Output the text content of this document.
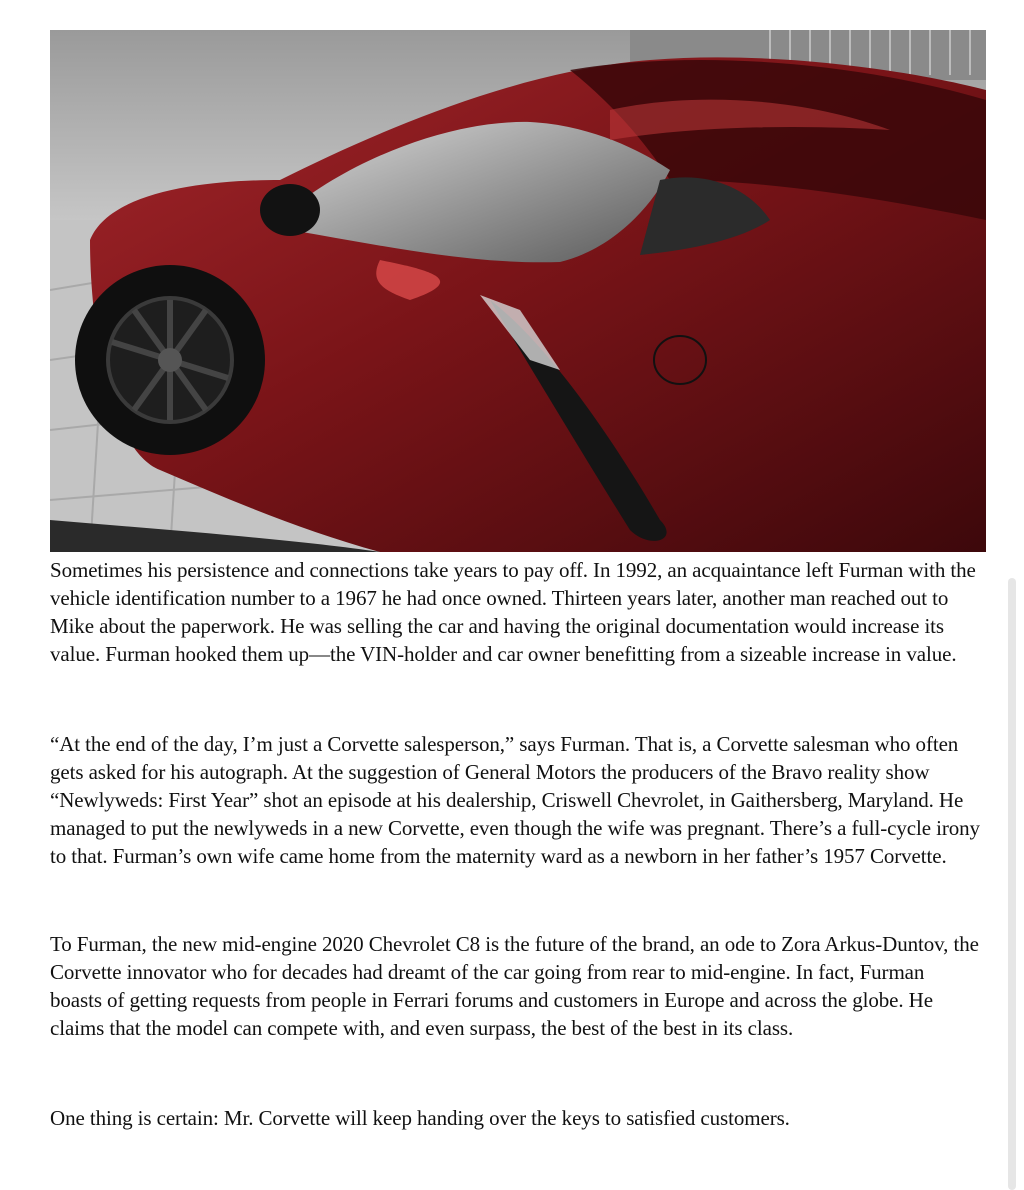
Sometimes his persistence and connections take years to pay off. In 1992, an acquaintance left Furman with the vehicle identification number to a 1967 he had once owned. Thirteen years later, another man reached out to Mike about the paperwork. He was selling the car and having the original documentation would increase its value. Furman hooked them up—the VIN-holder and car owner benefitting from a sizeable increase in value.

“At the end of the day, I’m just a Corvette salesperson,” says Furman. That is, a Corvette salesman who often gets asked for his autograph. At the suggestion of General Motors the producers of the Bravo reality show “Newlyweds: First Year” shot an episode at his dealership, Criswell Chevrolet, in Gaithersberg, Maryland. He managed to put the newlyweds in a new Corvette, even though the wife was pregnant. There’s a full-cycle irony to that. Furman’s own wife came home from the maternity ward as a newborn in her father’s 1957 Corvette.

To Furman, the new mid-engine 2020 Chevrolet C8 is the future of the brand, an ode to Zora Arkus-Duntov, the Corvette innovator who for decades had dreamt of the car going from rear to mid-engine. In fact, Furman boasts of getting requests from people in Ferrari forums and customers in Europe and across the globe. He claims that the model can compete with, and even surpass, the best of the best in its class.

One thing is certain: Mr. Corvette will keep handing over the keys to satisfied customers.
